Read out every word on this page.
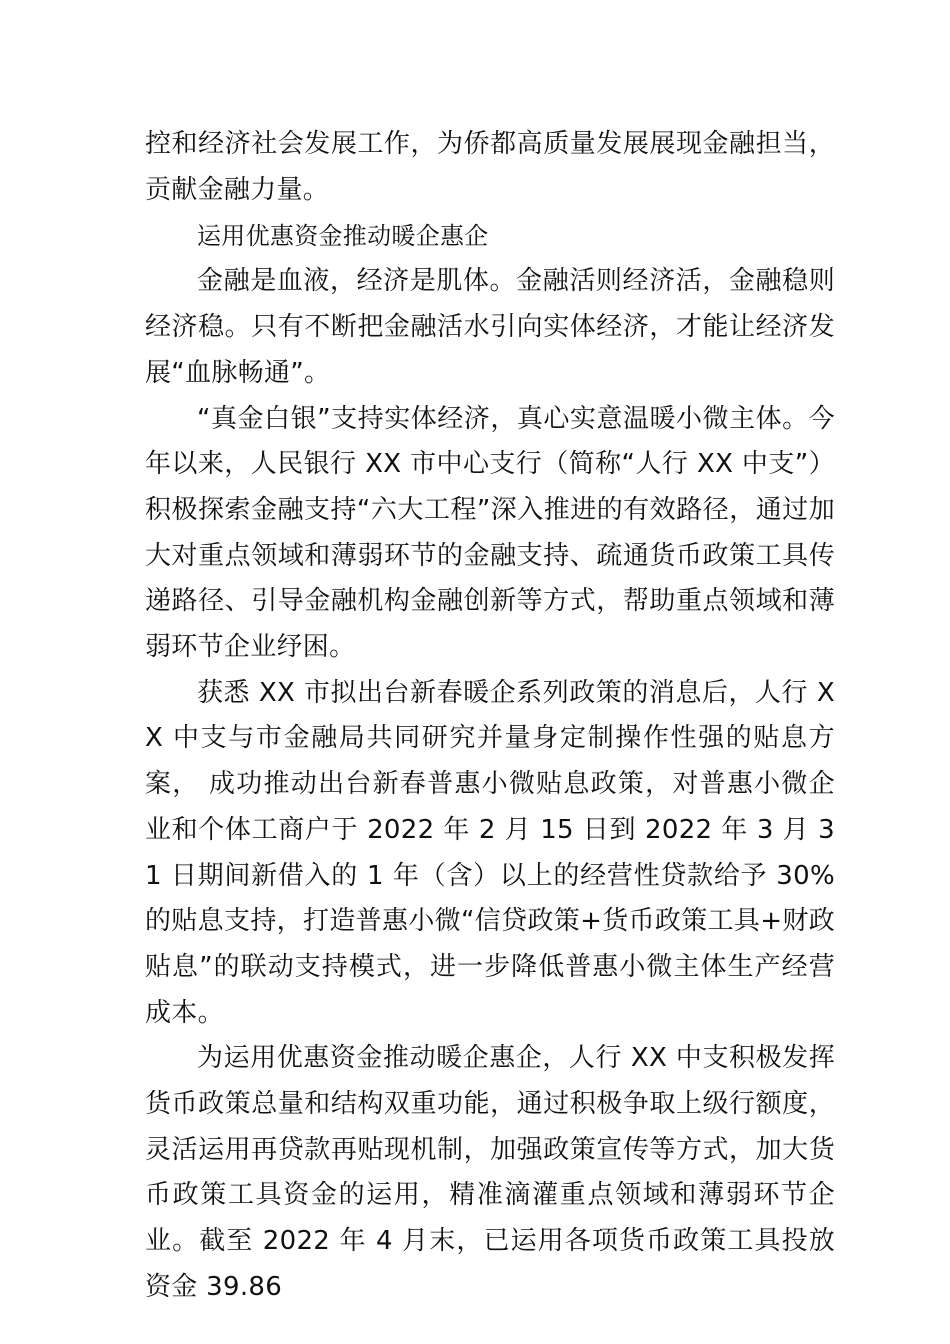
控和经济社会发展工作，为侨都高质量发展展现金融担当， 贡献金融力量。

运用优惠资金推动暖企惠企

金融是血液，经济是肌体。金融活则经济活，金融稳则经济稳。只有不断把金融活水引向实体经济，才能让经济发展“血脉畅通”。

“真金白银”支持实体经济，真心实意温暖小微主体。今年以来，人民银行 XX 市中心支行（简称“人行 XX 中支”）积极探索金融支持“六大工程”深入推进的有效路径，通过加大对重点领域和薄弱环节的金融支持、疏通货币政策工具传递路径、引导金融机构金融创新等方式，帮助重点领域和薄弱环节企业纾困。

获悉 XX 市拟出台新春暖企系列政策的消息后，人行 XX 中支与市金融局共同研究并量身定制操作性强的贴息方案， 成功推动出台新春普惠小微贴息政策，对普惠小微企业和个体工商户于 2022 年 2 月 15 日到 2022 年 3 月 31 日期间新借入的 1 年（含）以上的经营性贷款给予 30%的贴息支持，打造普惠小微“信贷政策+货币政策工具+财政贴息”的联动支持模式，进一步降低普惠小微主体生产经营成本。

为运用优惠资金推动暖企惠企，人行 XX 中支积极发挥货币政策总量和结构双重功能，通过积极争取上级行额度， 灵活运用再贷款再贴现机制，加强政策宣传等方式，加大货 币政策工具资金的运用，精准滴灌重点领域和薄弱环节企业。截至 2022 年 4 月末，已运用各项货币政策工具投放资金 39.86
